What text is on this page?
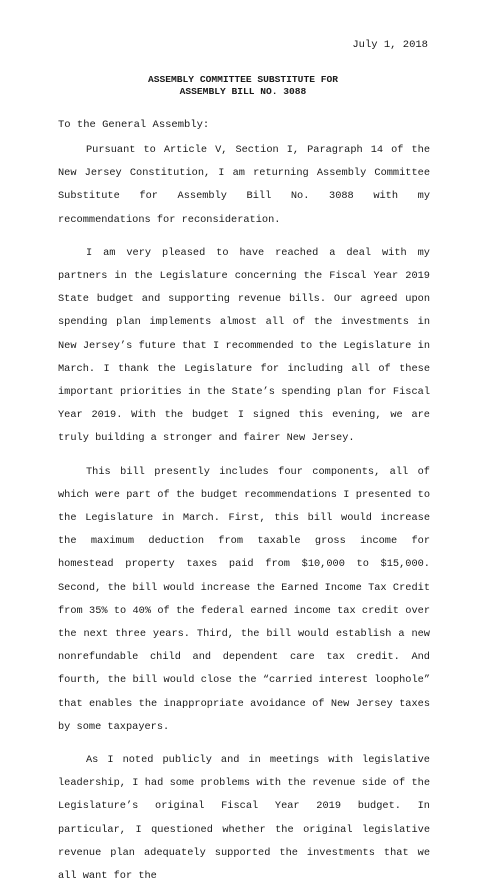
July 1, 2018
ASSEMBLY COMMITTEE SUBSTITUTE FOR
ASSEMBLY BILL NO. 3088
To the General Assembly:

Pursuant to Article V, Section I, Paragraph 14 of the New Jersey Constitution, I am returning Assembly Committee Substitute for Assembly Bill No. 3088 with my recommendations for reconsideration.

I am very pleased to have reached a deal with my partners in the Legislature concerning the Fiscal Year 2019 State budget and supporting revenue bills. Our agreed upon spending plan implements almost all of the investments in New Jersey’s future that I recommended to the Legislature in March. I thank the Legislature for including all of these important priorities in the State’s spending plan for Fiscal Year 2019. With the budget I signed this evening, we are truly building a stronger and fairer New Jersey.

This bill presently includes four components, all of which were part of the budget recommendations I presented to the Legislature in March. First, this bill would increase the maximum deduction from taxable gross income for homestead property taxes paid from $10,000 to $15,000. Second, the bill would increase the Earned Income Tax Credit from 35% to 40% of the federal earned income tax credit over the next three years. Third, the bill would establish a new nonrefundable child and dependent care tax credit. And fourth, the bill would close the “carried interest loophole” that enables the inappropriate avoidance of New Jersey taxes by some taxpayers.

As I noted publicly and in meetings with legislative leadership, I had some problems with the revenue side of the Legislature’s original Fiscal Year 2019 budget. In particular, I questioned whether the original legislative revenue plan adequately supported the investments that we all want for the
